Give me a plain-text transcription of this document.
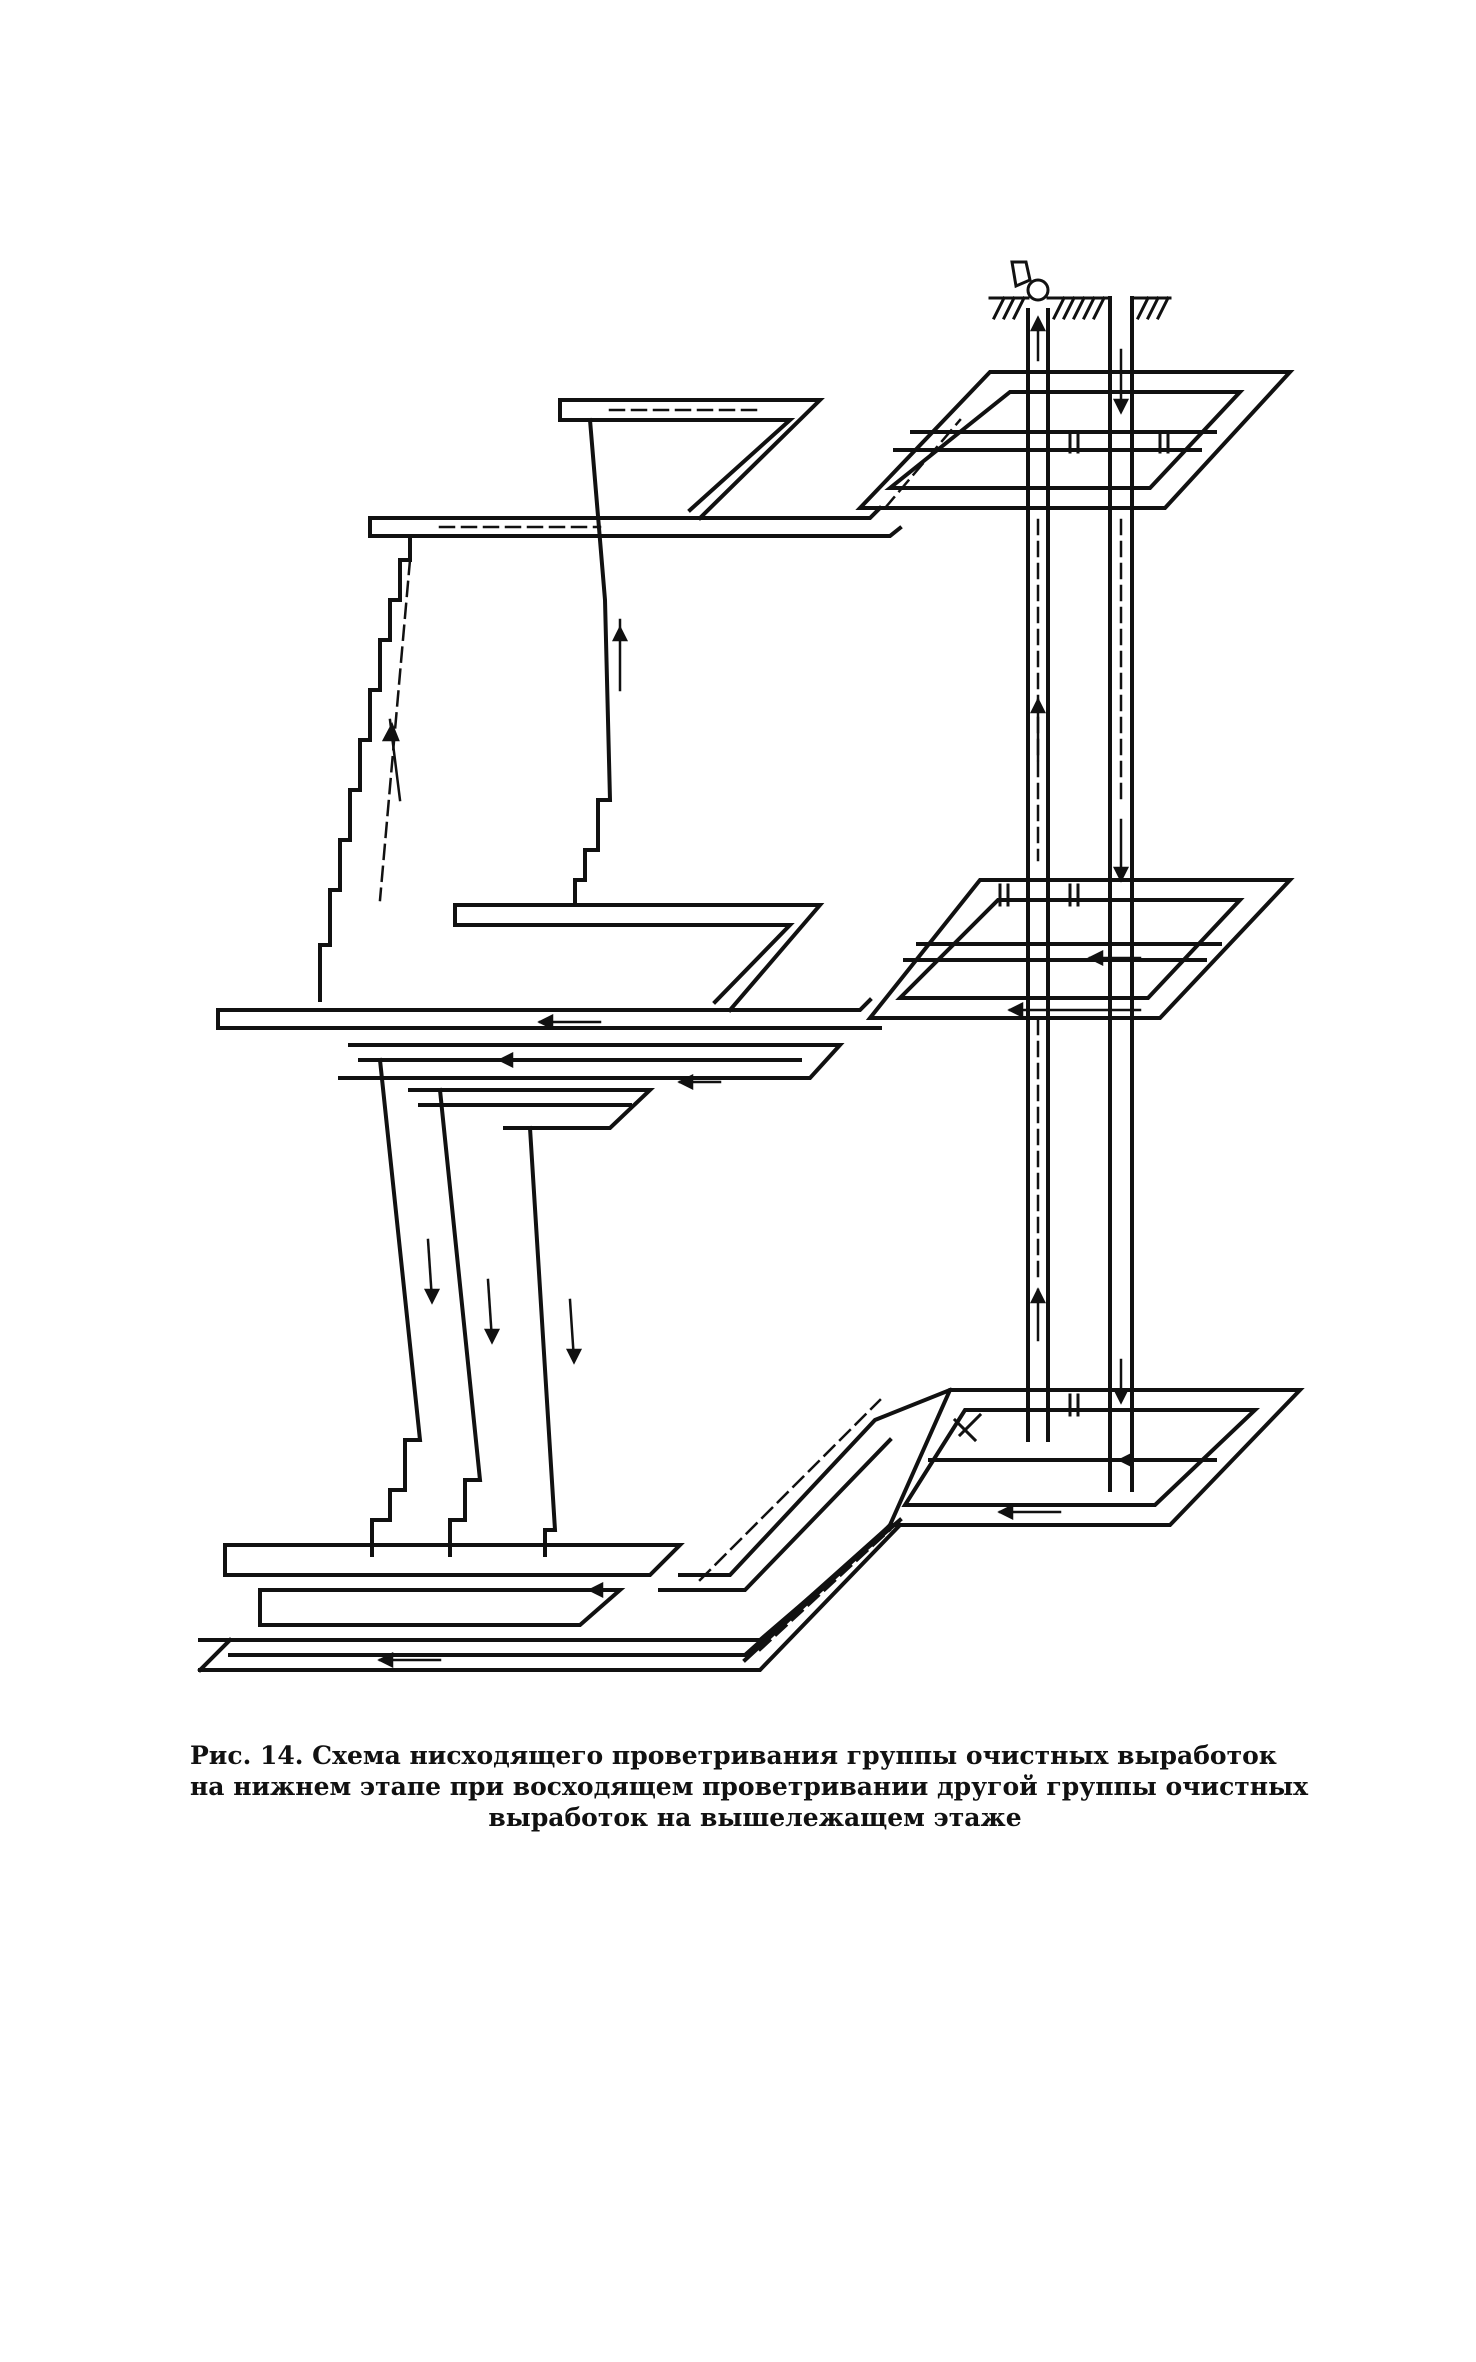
Рис. 14. Схема нисходящего проветривания группы очистных выработок
на нижнем этапе при восходящем проветривании другой группы очистных
выработок на вышележащем этаже
